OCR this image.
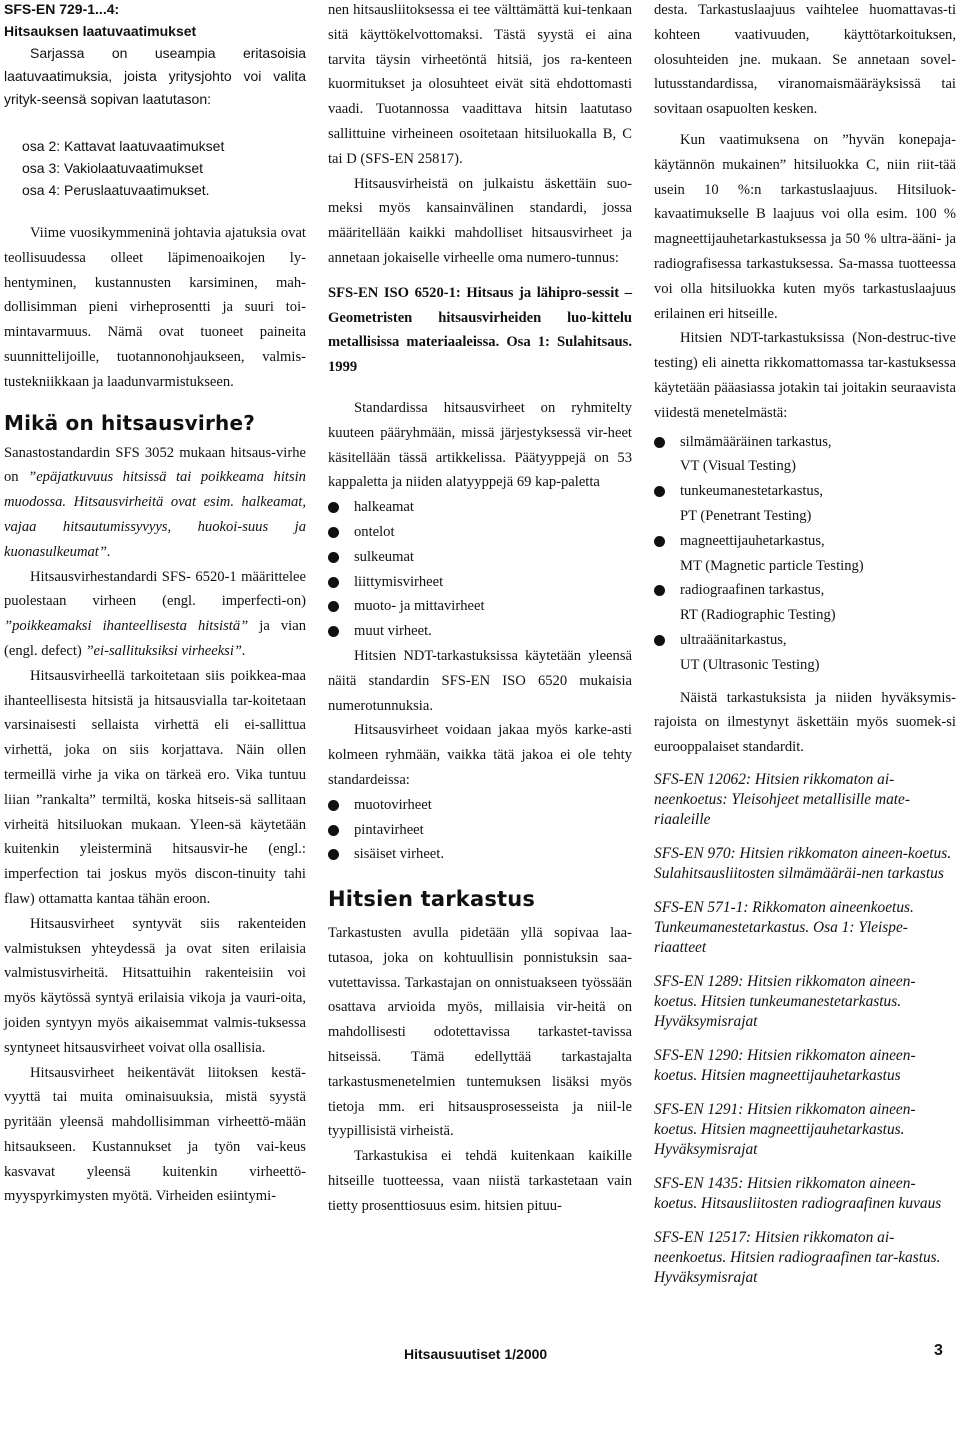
SFS-EN 729-1...4:
Hitsauksen laatuvaatimukset

Sarjassa on useampia eritasoisia laatuvaatimuksia, joista yritysjohto voi valita yrityk-seensä sopivan laatutason:

osa 2: Kattavat laatuvaatimukset
osa 3: Vakiolaatuvaatimukset
osa 4: Peruslaatuvaatimukset.

Viime vuosikymmeninä johtavia ajatuksia ovat teollisuudessa olleet läpimenoaikojen ly-hentyminen, kustannusten karsiminen, mah-dollisimman pieni virheprosentti ja suuri toi-mintavarmuus. Nämä ovat tuoneet paineita suunnittelijoille, tuotannonohjaukseen, valmis-tustekniikkaan ja laadunvarmistukseen.

Mikä on hitsausvirhe?

Sanastostandardin SFS 3052 mukaan hitsaus-virhe on ”epäjatkuvuus hitsissä tai poikkeama hitsin muodossa. Hitsausvirheitä ovat esim. halkeamat, vajaa hitsautumissyvyys, huokoi-suus ja kuonasulkeumat”.

Hitsausvirhestandardi SFS- 6520-1 määrittelee puolestaan virheen (engl. imperfecti-on) ”poikkeamaksi ihanteellisesta hitsistä” ja vian (engl. defect) ”ei-sallituksiksi virheeksi”.

Hitsausvirheellä tarkoitetaan siis poikkea-maa ihanteellisesta hitsistä ja hitsausvialla tar-koitetaan varsinaisesti sellaista virhettä eli ei-sallittua virhettä, joka on siis korjattava. Näin ollen termeillä virhe ja vika on tärkeä ero. Vika tuntuu liian ”rankalta” termiltä, koska hitseis-sä sallitaan virheitä hitsiluokan mukaan. Yleen-sä käytetään kuitenkin yleisterminä hitsausvir-he (engl.: imperfection tai joskus myös discon-tinuity tahi flaw) ottamatta kantaa tähän eroon.

Hitsausvirheet syntyvät siis rakenteiden valmistuksen yhteydessä ja ovat siten erilaisia valmistusvirheitä. Hitsattuihin rakenteisiin voi myös käytössä syntyä erilaisia vikoja ja vauri-oita, joiden syntyyn myös aikaisemmat valmis-tuksessa syntyneet hitsausvirheet voivat olla osallisia.

Hitsausvirheet heikentävät liitoksen kestä-vyyttä tai muita ominaisuuksia, mistä syystä pyritään yleensä mahdollisimman virheettö-mään hitsaukseen. Kustannukset ja työn vai-keus kasvavat yleensä kuitenkin virheettö-myyspyrkimysten myötä. Virheiden esiintymi-

nen hitsausliitoksessa ei tee välttämättä kui-tenkaan sitä käyttökelvottomaksi. Tästä syystä ei aina tarvita täysin virheetöntä hitsiä, jos ra-kenteen kuormitukset ja olosuhteet eivät sitä ehdottomasti vaadi. Tuotannossa vaadittava hitsin laatutaso sallittuine virheineen osoitetaan hitsiluokalla B, C tai D (SFS-EN 25817).

Hitsausvirheistä on julkaistu äskettäin suo-meksi myös kansainvälinen standardi, jossa määritellään kaikki mahdolliset hitsausvirheet ja annetaan jokaiselle virheelle oma numero-tunnus:

SFS-EN ISO 6520-1: Hitsaus ja lähipro-sessit – Geometristen hitsausvirheiden luo-kittelu metallisissa materiaaleissa. Osa 1: Sulahitsaus. 1999

Standardissa hitsausvirheet on ryhmitelty kuuteen pääryhmään, missä järjestyksessä vir-heet käsitellään tässä artikkelissa. Päätyyppejä on 53 kappaletta ja niiden alatyyppejä 69 kap-paletta

halkeamat
ontelot
sulkeumat
liittymisvirheet
muoto- ja mittavirheet
muut virheet.

Hitsien NDT-tarkastuksissa käytetään yleensä näitä standardin SFS-EN ISO 6520 mukaisia numerotunnuksia.

Hitsausvirheet voidaan jakaa myös karke-asti kolmeen ryhmään, vaikka tätä jakoa ei ole tehty standardeissa:

muotovirheet
pintavirheet
sisäiset virheet.
Hitsien tarkastus

Tarkastusten avulla pidetään yllä sopivaa laa-tutasoa, joka on kohtuullisin ponnistuksin saa-vutettavissa. Tarkastajan on onnistuakseen työssään osattava arvioida myös, millaisia vir-heitä on mahdollisesti odotettavissa tarkastet-tavissa hitseissä. Tämä edellyttää tarkastajalta tarkastusmenetelmien tuntemuksen lisäksi myös tietoja mm. eri hitsausprosesseista ja niil-le tyypillisistä virheistä.

Tarkastukisa ei tehdä kuitenkaan kaikille hitseille tuotteessa, vaan niistä tarkastetaan vain tietty prosenttiosuus esim. hitsien pituu-

desta. Tarkastuslaajuus vaihtelee huomattavas-ti kohteen vaativuuden, käyttötarkoituksen, olosuhteiden jne. mukaan. Se annetaan sovel-lutusstandardissa, viranomaismääräyksissä tai sovitaan osapuolten kesken.

Kun vaatimuksena on ”hyvän konepaja-käytännön mukainen” hitsiluokka C, niin riit-tää usein 10 %:n tarkastuslaajuus. Hitsiluok-kavaatimukselle B laajuus voi olla esim. 100 % magneettijauhetarkastuksessa ja 50 % ultra-ääni- ja radiografisessa tarkastuksessa. Sa-massa tuotteessa voi olla hitsiluokka kuten myös tarkastuslaajuus erilainen eri hitseille.

Hitsien NDT-tarkastuksissa (Non-destruc-tive testing) eli ainetta rikkomattomassa tar-kastuksessa käytetään pääasiassa jotakin tai joitakin seuraavista viidestä menetelmästä:

silmämääräinen tarkastus,
VT (Visual Testing)
tunkeumanestetarkastus,
PT (Penetrant Testing)
magneettijauhetarkastus,
MT (Magnetic particle Testing)
radiograafinen tarkastus,
RT (Radiographic Testing)
ultraäänitarkastus,
UT (Ultrasonic Testing)

Näistä tarkastuksista ja niiden hyväksymis-rajoista on ilmestynyt äskettäin myös suomek-si eurooppalaiset standardit.

SFS-EN 12062: Hitsien rikkomaton ai-neenkoetus: Yleisohjeet metallisille mate-riaaleille

SFS-EN 970: Hitsien rikkomaton aineen-koetus. Sulahitsausliitosten silmämääräi-nen tarkastus

SFS-EN 571-1: Rikkomaton aineenkoetus. Tunkeumanestetarkastus. Osa 1: Yleispe-riaatteet

SFS-EN 1289: Hitsien rikkomaton aineen-koetus. Hitsien tunkeumanestetarkastus. Hyväksymisrajat

SFS-EN 1290: Hitsien rikkomaton aineen-koetus. Hitsien magneettijauhetarkastus

SFS-EN 1291: Hitsien rikkomaton aineen-koetus. Hitsien magneettijauhetarkastus. Hyväksymisrajat

SFS-EN 1435: Hitsien rikkomaton aineen-koetus. Hitsausliitosten radiograafinen kuvaus

SFS-EN 12517: Hitsien rikkomaton ai-neenkoetus. Hitsien radiograafinen tar-kastus. Hyväksymisrajat

Hitsausuutiset 1/2000	3
